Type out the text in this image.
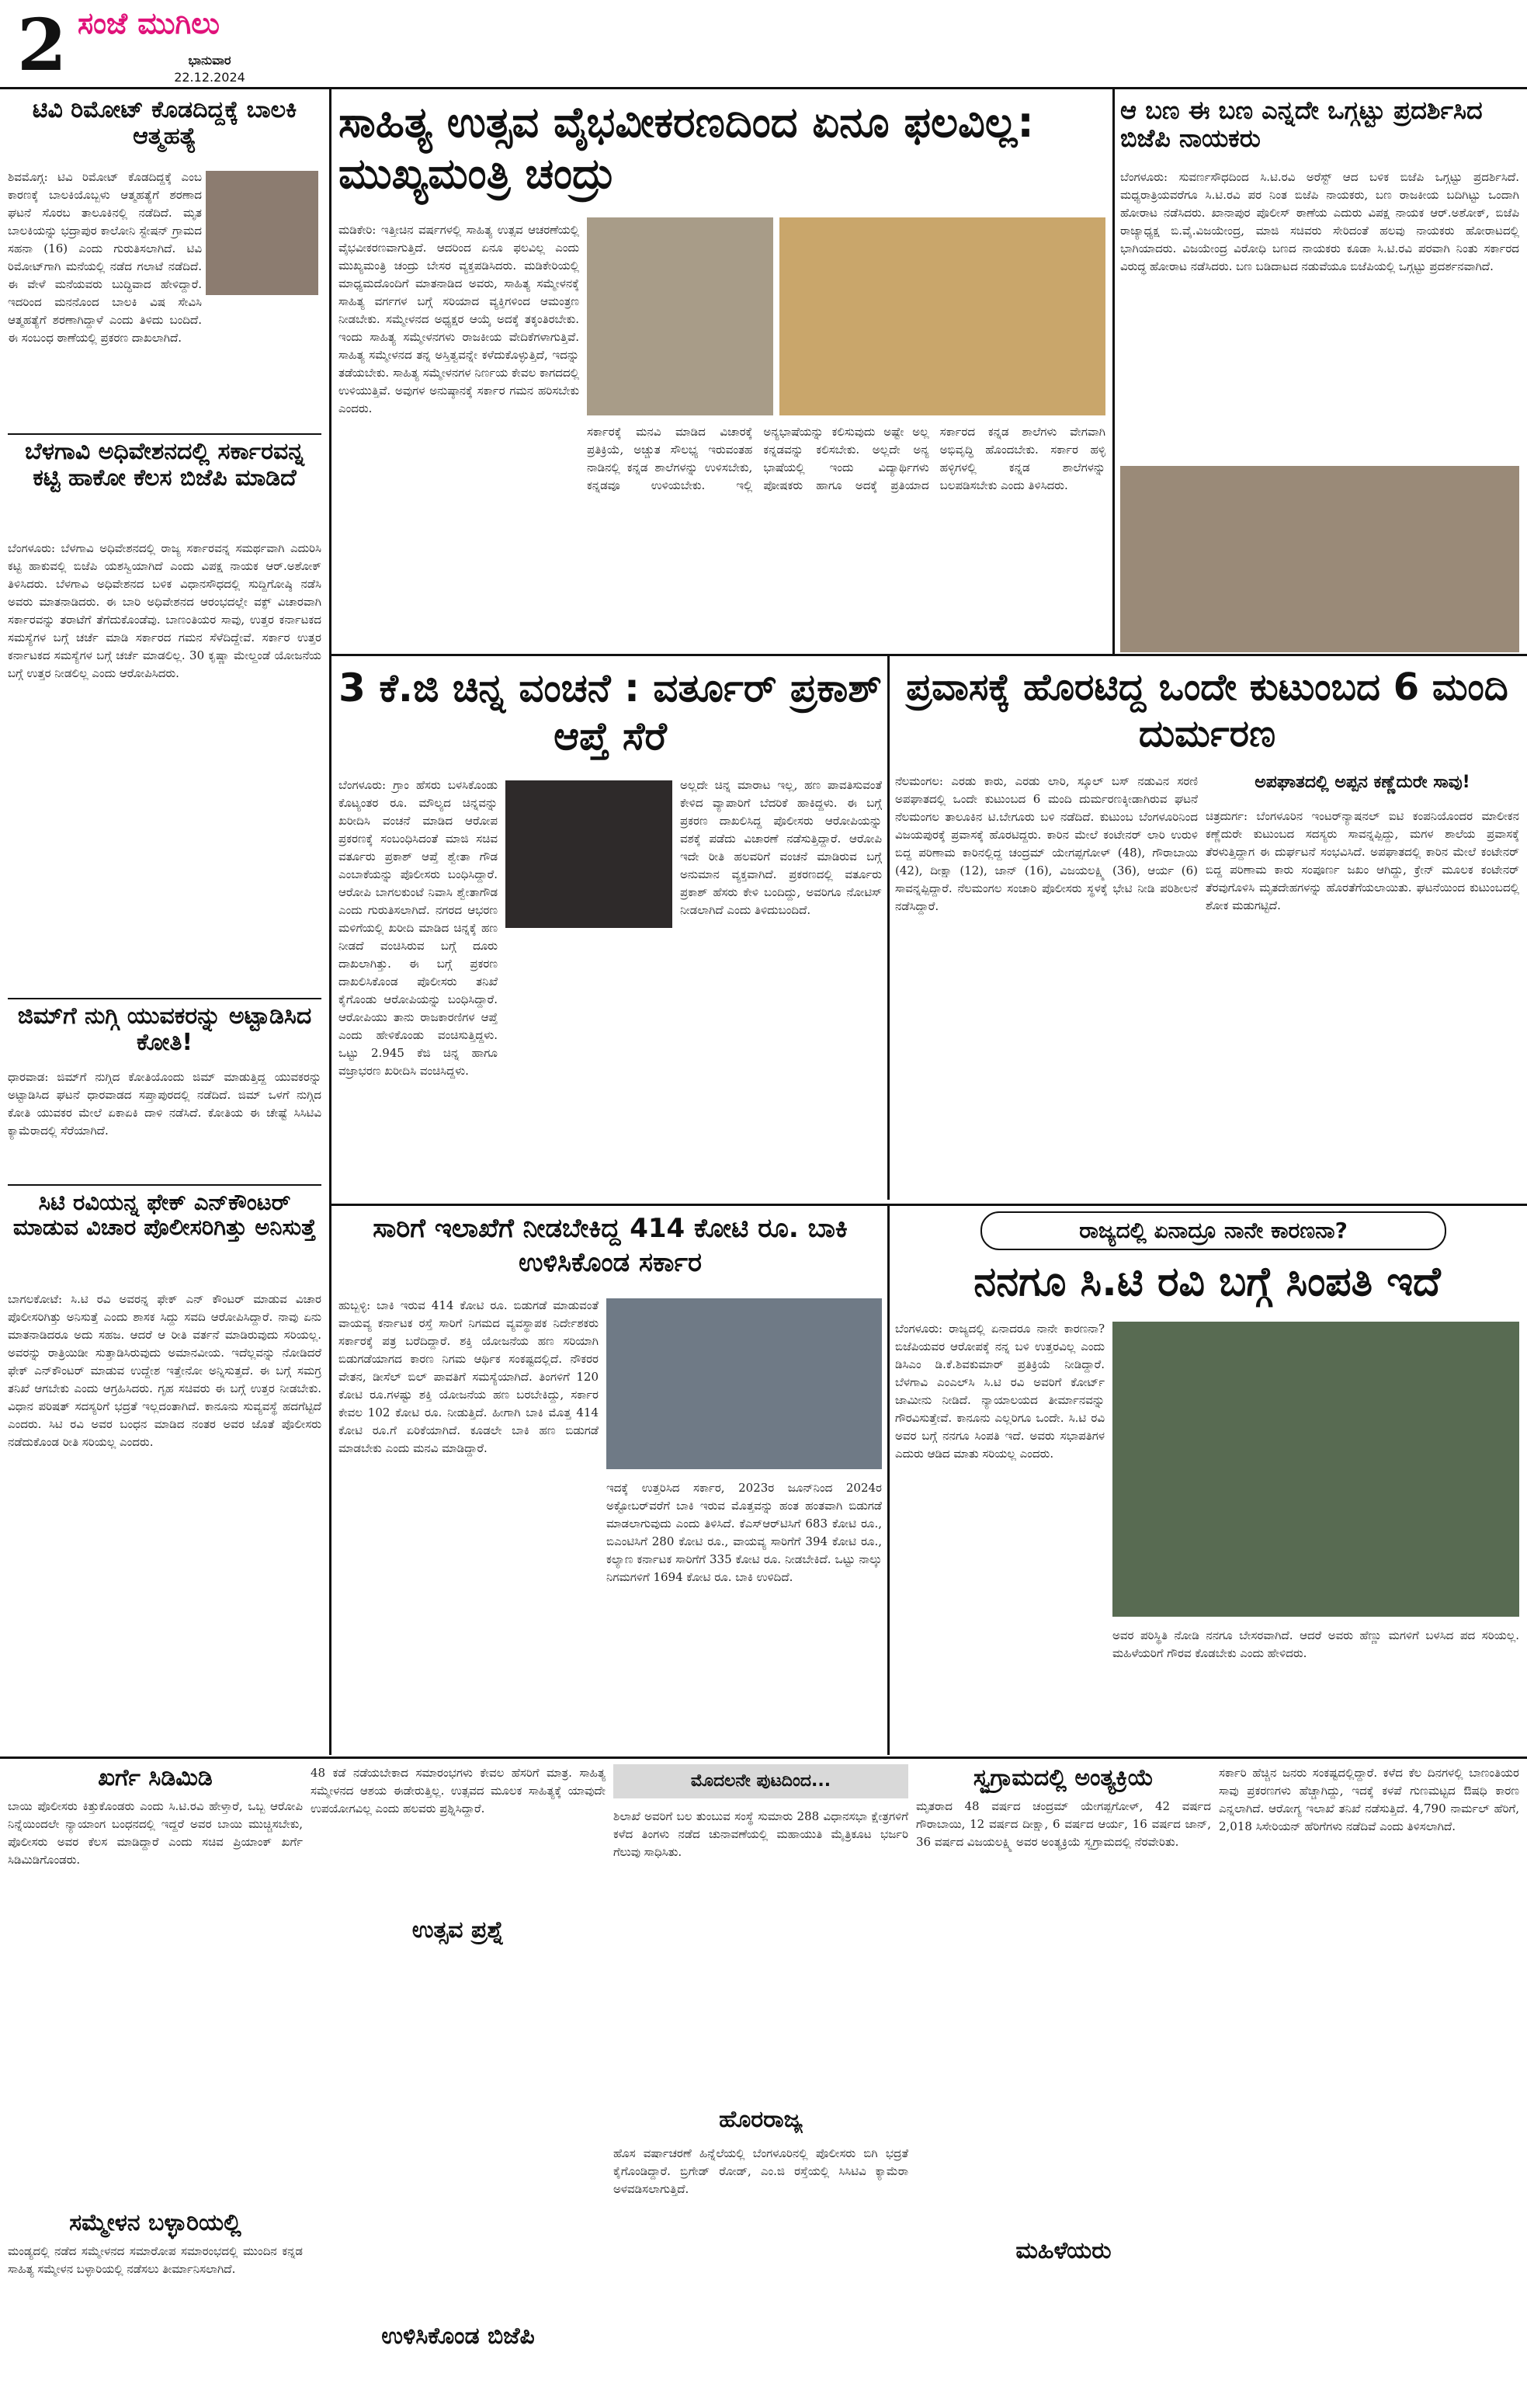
2 ಸಂಜೆ ಮುಗಿಲು
ಭಾನುವಾರ
22.12.2024
ಟಿವಿ ರಿಮೋಟ್ ಕೊಡದಿದ್ದಕ್ಕೆ ಬಾಲಕಿ ಆತ್ಮಹತ್ಯೆ
ಶಿವಮೊಗ್ಗ: ಟಿವಿ ರಿಮೋಟ್ ಕೊಡದಿದ್ದಕ್ಕೆ ಎಂಬ ಕಾರಣಕ್ಕೆ ಬಾಲಕಿಯೊಬ್ಬಳು ಆತ್ಮಹತ್ಯೆಗೆ ಶರಣಾದ ಘಟನೆ ಸೊರಬ ತಾಲೂಕಿನಲ್ಲಿ ನಡೆದಿದೆ. ಮೃತ ಬಾಲಕಿಯನ್ನು ಭದ್ರಾಪುರ ಕಾಲೋನಿ ಸ್ಟೇಷನ್ ಗ್ರಾಮದ ಸಹನಾ (16) ಎಂದು ಗುರುತಿಸಲಾಗಿದೆ. ಟಿವಿ ರಿಮೋಟ್‌ಗಾಗಿ ಮನೆಯಲ್ಲಿ ನಡೆದ ಗಲಾಟೆ ನಡೆದಿದೆ. ಈ ವೇಳೆ ಮನೆಯವರು ಬುದ್ಧಿವಾದ ಹೇಳಿದ್ದಾರೆ. ಇದರಿಂದ ಮನನೊಂದ ಬಾಲಕಿ ವಿಷ ಸೇವಿಸಿ ಆತ್ಮಹತ್ಯೆಗೆ ಶರಣಾಗಿದ್ದಾಳೆ ಎಂದು ತಿಳಿದು ಬಂದಿದೆ. ಈ ಸಂಬಂಧ ಠಾಣೆಯಲ್ಲಿ ಪ್ರಕರಣ ದಾಖಲಾಗಿದೆ.
ಬೆಳಗಾವಿ ಅಧಿವೇಶನದಲ್ಲಿ ಸರ್ಕಾರವನ್ನ ಕಟ್ಟಿ ಹಾಕೋ ಕೆಲಸ ಬಿಜೆಪಿ ಮಾಡಿದೆ
ಬೆಂಗಳೂರು: ಬೆಳಗಾವಿ ಅಧಿವೇಶನದಲ್ಲಿ ರಾಜ್ಯ ಸರ್ಕಾರವನ್ನ ಸಮರ್ಥವಾಗಿ ಎದುರಿಸಿ ಕಟ್ಟಿ ಹಾಕುವಲ್ಲಿ ಬಿಜೆಪಿ ಯಶಸ್ವಿಯಾಗಿದೆ ಎಂದು ವಿಪಕ್ಷ ನಾಯಕ ಆರ್.ಅಶೋಕ್ ತಿಳಿಸಿದರು. ಬೆಳಗಾವಿ ಅಧಿವೇಶನದ ಬಳಿಕ ವಿಧಾನಸೌಧದಲ್ಲಿ ಸುದ್ದಿಗೋಷ್ಠಿ ನಡೆಸಿ ಅವರು ಮಾತನಾಡಿದರು. ಈ ಬಾರಿ ಅಧಿವೇಶನದ ಆರಂಭದಲ್ಲೇ ವಕ್ಫ್ ವಿಚಾರವಾಗಿ ಸರ್ಕಾರವನ್ನು ತರಾಟೆಗೆ ತೆಗೆದುಕೊಂಡೆವು. ಬಾಣಂತಿಯರ ಸಾವು, ಉತ್ತರ ಕರ್ನಾಟಕದ ಸಮಸ್ಯೆಗಳ ಬಗ್ಗೆ ಚರ್ಚೆ ಮಾಡಿ ಸರ್ಕಾರದ ಗಮನ ಸೆಳೆದಿದ್ದೇವೆ. ಸರ್ಕಾರ ಉತ್ತರ ಕರ್ನಾಟಕದ ಸಮಸ್ಯೆಗಳ ಬಗ್ಗೆ ಚರ್ಚೆ ಮಾಡಲಿಲ್ಲ. 30 ಕೃಷ್ಣಾ ಮೇಲ್ದಂಡೆ ಯೋಜನೆಯ ಬಗ್ಗೆ ಉತ್ತರ ನೀಡಲಿಲ್ಲ ಎಂದು ಆರೋಪಿಸಿದರು.
ಜಿಮ್‌ಗೆ ನುಗ್ಗಿ ಯುವಕರನ್ನು ಅಟ್ಟಾಡಿಸಿದ ಕೋತಿ!
ಧಾರವಾಡ: ಜಿಮ್‌ಗೆ ನುಗ್ಗಿದ ಕೋತಿಯೊಂದು ಜಿಮ್ ಮಾಡುತ್ತಿದ್ದ ಯುವಕರನ್ನು ಅಟ್ಟಾಡಿಸಿದ ಘಟನೆ ಧಾರವಾಡದ ಸಪ್ತಾಪುರದಲ್ಲಿ ನಡೆದಿದೆ. ಜಿಮ್ ಒಳಗೆ ನುಗ್ಗಿದ ಕೋತಿ ಯುವಕರ ಮೇಲೆ ಏಕಾಏಕಿ ದಾಳಿ ನಡೆಸಿದೆ. ಕೋತಿಯ ಈ ಚೇಷ್ಟೆ ಸಿಸಿಟಿವಿ ಕ್ಯಾಮೆರಾದಲ್ಲಿ ಸೆರೆಯಾಗಿದೆ.
ಸಿಟಿ ರವಿಯನ್ನ ಫೇಕ್ ಎನ್‌ಕೌಂಟರ್ ಮಾಡುವ ವಿಚಾರ ಪೊಲೀಸರಿಗಿತ್ತು ಅನಿಸುತ್ತೆ
ಬಾಗಲಕೋಟೆ: ಸಿ.ಟಿ ರವಿ ಅವರನ್ನ ಫೇಕ್ ಎನ್ ಕೌಂಟರ್ ಮಾಡುವ ವಿಚಾರ ಪೊಲೀಸರಿಗಿತ್ತು ಅನಿಸುತ್ತೆ ಎಂದು ಶಾಸಕ ಸಿದ್ದು ಸವದಿ ಆರೋಪಿಸಿದ್ದಾರೆ. ನಾವು ಏನು ಮಾತನಾಡಿದರೂ ಅದು ಸಹಜ. ಆದರೆ ಆ ರೀತಿ ವರ್ತನೆ ಮಾಡಿರುವುದು ಸರಿಯಲ್ಲ. ಅವರನ್ನು ರಾತ್ರಿಯಿಡೀ ಸುತ್ತಾಡಿಸಿರುವುದು ಅಮಾನವೀಯ. ಇದೆಲ್ಲವನ್ನು ನೋಡಿದರೆ ಫೇಕ್ ಎನ್‌ಕೌಂಟರ್ ಮಾಡುವ ಉದ್ದೇಶ ಇತ್ತೇನೋ ಅನ್ನಿಸುತ್ತದೆ. ಈ ಬಗ್ಗೆ ಸಮಗ್ರ ತನಿಖೆ ಆಗಬೇಕು ಎಂದು ಆಗ್ರಹಿಸಿದರು. ಗೃಹ ಸಚಿವರು ಈ ಬಗ್ಗೆ ಉತ್ತರ ನೀಡಬೇಕು. ವಿಧಾನ ಪರಿಷತ್ ಸದಸ್ಯರಿಗೆ ಭದ್ರತೆ ಇಲ್ಲದಂತಾಗಿದೆ. ಕಾನೂನು ಸುವ್ಯವಸ್ಥೆ ಹದಗೆಟ್ಟಿದೆ ಎಂದರು. ಸಿಟಿ ರವಿ ಅವರ ಬಂಧನ ಮಾಡಿದ ನಂತರ ಅವರ ಜೊತೆ ಪೊಲೀಸರು ನಡೆದುಕೊಂಡ ರೀತಿ ಸರಿಯಲ್ಲ ಎಂದರು.
ಸಾಹಿತ್ಯ ಉತ್ಸವ ವೈಭವೀಕರಣದಿಂದ ಏನೂ ಫಲವಿಲ್ಲ: ಮುಖ್ಯಮಂತ್ರಿ ಚಂದ್ರು
ಮಡಿಕೇರಿ: ಇತ್ತೀಚಿನ ವರ್ಷಗಳಲ್ಲಿ ಸಾಹಿತ್ಯ ಉತ್ಸವ ಆಚರಣೆಯಲ್ಲಿ ವೈಭವೀಕರಣವಾಗುತ್ತಿದೆ. ಆದರಿಂದ ಏನೂ ಫಲವಿಲ್ಲ ಎಂದು ಮುಖ್ಯಮಂತ್ರಿ ಚಂದ್ರು ಬೇಸರ ವ್ಯಕ್ತಪಡಿಸಿದರು. ಮಡಿಕೇರಿಯಲ್ಲಿ ಮಾಧ್ಯಮದೊಂದಿಗೆ ಮಾತನಾಡಿದ ಅವರು, ಸಾಹಿತ್ಯ ಸಮ್ಮೇಳನಕ್ಕೆ ಸಾಹಿತ್ಯ ವರ್ಗಗಳ ಬಗ್ಗೆ ಸರಿಯಾದ ವ್ಯಕ್ತಿಗಳಿಂದ ಆಮಂತ್ರಣ ನೀಡಬೇಕು. ಸಮ್ಮೇಳನದ ಅಧ್ಯಕ್ಷರ ಆಯ್ಕೆ ಅದಕ್ಕೆ ತಕ್ಕಂತಿರಬೇಕು. ಇಂದು ಸಾಹಿತ್ಯ ಸಮ್ಮೇಳನಗಳು ರಾಜಕೀಯ ವೇದಿಕೆಗಳಾಗುತ್ತಿವೆ. ಸಾಹಿತ್ಯ ಸಮ್ಮೇಳನದ ತನ್ನ ಅಸ್ತಿತ್ವವನ್ನೇ ಕಳೆದುಕೊಳ್ಳುತ್ತಿದೆ, ಇದನ್ನು ತಡೆಯಬೇಕು. ಸಾಹಿತ್ಯ ಸಮ್ಮೇಳನಗಳ ನಿರ್ಣಯ ಕೇವಲ ಕಾಗದದಲ್ಲಿ ಉಳಿಯುತ್ತಿವೆ. ಅವುಗಳ ಅನುಷ್ಠಾನಕ್ಕೆ ಸರ್ಕಾರ ಗಮನ ಹರಿಸಬೇಕು ಎಂದರು.
ಸರ್ಕಾರಕ್ಕೆ ಮನವಿ ಮಾಡಿದ ವಿಚಾರಕ್ಕೆ ಪ್ರತಿಕ್ರಿಯೆ, ಅಚ್ಚುತ ಸೌಲಭ್ಯ ಇರುವಂತಹ ನಾಡಿನಲ್ಲಿ ಕನ್ನಡ ಶಾಲೆಗಳನ್ನು ಉಳಿಸಬೇಕು, ಕನ್ನಡವೂ ಉಳಿಯಬೇಕು. ಇಲ್ಲಿ ಅನ್ಯಭಾಷೆಯನ್ನು ಕಲಿಸುವುದು ಅಷ್ಟೇ ಅಲ್ಲ ಕನ್ನಡವನ್ನು ಕಲಿಸಬೇಕು. ಅಲ್ಲದೇ ಅನ್ಯ ಭಾಷೆಯಲ್ಲಿ ಇಂದು ವಿದ್ಯಾರ್ಥಿಗಳು ಪೋಷಕರು ಹಾಗೂ ಅದಕ್ಕೆ ಪ್ರತಿಯಾದ ಸರ್ಕಾರದ ಕನ್ನಡ ಶಾಲೆಗಳು ವೇಗವಾಗಿ ಅಭಿವೃದ್ಧಿ ಹೊಂದಬೇಕು. ಸರ್ಕಾರ ಹಳ್ಳಿ ಹಳ್ಳಿಗಳಲ್ಲಿ ಕನ್ನಡ ಶಾಲೆಗಳನ್ನು ಬಲಪಡಿಸಬೇಕು ಎಂದು ತಿಳಿಸಿದರು.
ಆ ಬಣ ಈ ಬಣ ಎನ್ನದೇ ಒಗ್ಗಟ್ಟು ಪ್ರದರ್ಶಿಸಿದ ಬಿಜೆಪಿ ನಾಯಕರು
ಬೆಂಗಳೂರು: ಸುವರ್ಣಸೌಧದಿಂದ ಸಿ.ಟಿ.ರವಿ ಅರೆಸ್ಟ್ ಆದ ಬಳಿಕ ಬಿಜೆಪಿ ಒಗ್ಗಟ್ಟು ಪ್ರದರ್ಶಿಸಿದೆ. ಮಧ್ಯರಾತ್ರಿಯವರೆಗೂ ಸಿ.ಟಿ.ರವಿ ಪರ ನಿಂತ ಬಿಜೆಪಿ ನಾಯಕರು, ಬಣ ರಾಜಕೀಯ ಬದಿಗಿಟ್ಟು ಒಂದಾಗಿ ಹೋರಾಟ ನಡೆಸಿದರು. ಖಾನಾಪುರ ಪೊಲೀಸ್ ಠಾಣೆಯ ಎದುರು ವಿಪಕ್ಷ ನಾಯಕ ಆರ್.ಅಶೋಕ್, ಬಿಜೆಪಿ ರಾಜ್ಯಾಧ್ಯಕ್ಷ ಬಿ.ವೈ.ವಿಜಯೇಂದ್ರ, ಮಾಜಿ ಸಚಿವರು ಸೇರಿದಂತೆ ಹಲವು ನಾಯಕರು ಹೋರಾಟದಲ್ಲಿ ಭಾಗಿಯಾದರು. ವಿಜಯೇಂದ್ರ ವಿರೋಧಿ ಬಣದ ನಾಯಕರು ಕೂಡಾ ಸಿ.ಟಿ.ರವಿ ಪರವಾಗಿ ನಿಂತು ಸರ್ಕಾರದ ವಿರುದ್ಧ ಹೋರಾಟ ನಡೆಸಿದರು. ಬಣ ಬಡಿದಾಟದ ನಡುವೆಯೂ ಬಿಜೆಪಿಯಲ್ಲಿ ಒಗ್ಗಟ್ಟು ಪ್ರದರ್ಶನವಾಗಿದೆ.
3 ಕೆ.ಜಿ ಚಿನ್ನ ವಂಚನೆ : ವರ್ತೂರ್ ಪ್ರಕಾಶ್ ಆಪ್ತೆ ಸೆರೆ
ಬೆಂಗಳೂರು: ಗ್ರಾಂ ಹೆಸರು ಬಳಸಿಕೊಂಡು ಕೊಟ್ಯಂತರ ರೂ. ಮೌಲ್ಯದ ಚಿನ್ನವನ್ನು ಖರೀದಿಸಿ ವಂಚನೆ ಮಾಡಿದ ಆರೋಪ ಪ್ರಕರಣಕ್ಕೆ ಸಂಬಂಧಿಸಿದಂತೆ ಮಾಜಿ ಸಚಿವ ವರ್ತೂರು ಪ್ರಕಾಶ್ ಆಪ್ತೆ ಶ್ವೇತಾ ಗೌಡ ಎಂಬಾಕೆಯನ್ನು ಪೊಲೀಸರು ಬಂಧಿಸಿದ್ದಾರೆ. ಆರೋಪಿ ಬಾಗಲಕುಂಟೆ ನಿವಾಸಿ ಶ್ವೇತಾಗೌಡ ಎಂದು ಗುರುತಿಸಲಾಗಿದೆ. ನಗರದ ಆಭರಣ ಮಳಿಗೆಯಲ್ಲಿ ಖರೀದಿ ಮಾಡಿದ ಚಿನ್ನಕ್ಕೆ ಹಣ ನೀಡದೆ ವಂಚಿಸಿರುವ ಬಗ್ಗೆ ದೂರು ದಾಖಲಾಗಿತ್ತು. ಈ ಬಗ್ಗೆ ಪ್ರಕರಣ ದಾಖಲಿಸಿಕೊಂಡ ಪೊಲೀಸರು ತನಿಖೆ ಕೈಗೊಂಡು ಆರೋಪಿಯನ್ನು ಬಂಧಿಸಿದ್ದಾರೆ. ಆರೋಪಿಯು ತಾನು ರಾಜಕಾರಣಿಗಳ ಆಪ್ತೆ ಎಂದು ಹೇಳಿಕೊಂಡು ವಂಚಿಸುತ್ತಿದ್ದಳು. ಒಟ್ಟು 2.945 ಕೆಜಿ ಚಿನ್ನ ಹಾಗೂ ವಜ್ರಾಭರಣ ಖರೀದಿಸಿ ವಂಚಿಸಿದ್ದಳು.
ಅಲ್ಲದೇ ಚಿನ್ನ ಮಾರಾಟ ಇಲ್ಲ, ಹಣ ಪಾವತಿಸುವಂತೆ ಕೇಳಿದ ವ್ಯಾಪಾರಿಗೆ ಬೆದರಿಕೆ ಹಾಕಿದ್ದಳು. ಈ ಬಗ್ಗೆ ಪ್ರಕರಣ ದಾಖಲಿಸಿದ್ದ ಪೊಲೀಸರು ಆರೋಪಿಯನ್ನು ವಶಕ್ಕೆ ಪಡೆದು ವಿಚಾರಣೆ ನಡೆಸುತ್ತಿದ್ದಾರೆ. ಆರೋಪಿ ಇದೇ ರೀತಿ ಹಲವರಿಗೆ ವಂಚನೆ ಮಾಡಿರುವ ಬಗ್ಗೆ ಅನುಮಾನ ವ್ಯಕ್ತವಾಗಿದೆ. ಪ್ರಕರಣದಲ್ಲಿ ವರ್ತೂರು ಪ್ರಕಾಶ್ ಹೆಸರು ಕೇಳಿ ಬಂದಿದ್ದು, ಅವರಿಗೂ ನೋಟಿಸ್ ನೀಡಲಾಗಿದೆ ಎಂದು ತಿಳಿದುಬಂದಿದೆ.
ಪ್ರವಾಸಕ್ಕೆ ಹೊರಟಿದ್ದ ಒಂದೇ ಕುಟುಂಬದ 6 ಮಂದಿ ದುರ್ಮರಣ
ನೆಲಮಂಗಲ: ಎರಡು ಕಾರು, ಎರಡು ಲಾರಿ, ಸ್ಕೂಲ್ ಬಸ್ ನಡುವಿನ ಸರಣಿ ಅಪಘಾತದಲ್ಲಿ ಒಂದೇ ಕುಟುಂಬದ 6 ಮಂದಿ ದುರ್ಮರಣಕ್ಕೀಡಾಗಿರುವ ಘಟನೆ ನೆಲಮಂಗಲ ತಾಲೂಕಿನ ಟಿ.ಬೇಗೂರು ಬಳಿ ನಡೆದಿದೆ. ಕುಟುಂಬ ಬೆಂಗಳೂರಿನಿಂದ ವಿಜಯಪುರಕ್ಕೆ ಪ್ರವಾಸಕ್ಕೆ ಹೊರಟಿದ್ದರು. ಕಾರಿನ ಮೇಲೆ ಕಂಟೇನರ್ ಲಾರಿ ಉರುಳಿ ಬಿದ್ದ ಪರಿಣಾಮ ಕಾರಿನಲ್ಲಿದ್ದ ಚಂದ್ರಮ್ ಯೇಗಪ್ಪಗೋಳ್ (48), ಗೌರಾಬಾಯಿ (42), ದೀಕ್ಷಾ (12), ಜಾನ್ (16), ವಿಜಯಲಕ್ಷ್ಮಿ (36), ಆರ್ಯ (6) ಸಾವನ್ನಪ್ಪಿದ್ದಾರೆ. ನೆಲಮಂಗಲ ಸಂಚಾರಿ ಪೊಲೀಸರು ಸ್ಥಳಕ್ಕೆ ಭೇಟಿ ನೀಡಿ ಪರಿಶೀಲನೆ ನಡೆಸಿದ್ದಾರೆ.
ಅಪಘಾತದಲ್ಲಿ ಅಪ್ಪನ ಕಣ್ಣೆದುರೇ ಸಾವು!
ಚಿತ್ರದುರ್ಗ: ಬೆಂಗಳೂರಿನ ಇಂಟರ್‌ನ್ಯಾಷನಲ್ ಐಟಿ ಕಂಪನಿಯೊಂದರ ಮಾಲೀಕನ ಕಣ್ಣೆದುರೇ ಕುಟುಂಬದ ಸದಸ್ಯರು ಸಾವನ್ನಪ್ಪಿದ್ದು, ಮಗಳ ಶಾಲೆಯ ಪ್ರವಾಸಕ್ಕೆ ತೆರಳುತ್ತಿದ್ದಾಗ ಈ ದುರ್ಘಟನೆ ಸಂಭವಿಸಿದೆ. ಅಪಘಾತದಲ್ಲಿ ಕಾರಿನ ಮೇಲೆ ಕಂಟೇನರ್ ಬಿದ್ದ ಪರಿಣಾಮ ಕಾರು ಸಂಪೂರ್ಣ ಜಖಂ ಆಗಿದ್ದು, ಕ್ರೇನ್ ಮೂಲಕ ಕಂಟೇನರ್ ತೆರವುಗೊಳಿಸಿ ಮೃತದೇಹಗಳನ್ನು ಹೊರತೆಗೆಯಲಾಯಿತು. ಘಟನೆಯಿಂದ ಕುಟುಂಬದಲ್ಲಿ ಶೋಕ ಮಡುಗಟ್ಟಿದೆ.
ಸಾರಿಗೆ ಇಲಾಖೆಗೆ ನೀಡಬೇಕಿದ್ದ 414 ಕೋಟಿ ರೂ. ಬಾಕಿ ಉಳಿಸಿಕೊಂಡ ಸರ್ಕಾರ
ಹುಬ್ಬಳ್ಳಿ: ಬಾಕಿ ಇರುವ 414 ಕೋಟಿ ರೂ. ಬಿಡುಗಡೆ ಮಾಡುವಂತೆ ವಾಯವ್ಯ ಕರ್ನಾಟಕ ರಸ್ತೆ ಸಾರಿಗೆ ನಿಗಮದ ವ್ಯವಸ್ಥಾಪಕ ನಿರ್ದೇಶಕರು ಸರ್ಕಾರಕ್ಕೆ ಪತ್ರ ಬರೆದಿದ್ದಾರೆ. ಶಕ್ತಿ ಯೋಜನೆಯ ಹಣ ಸರಿಯಾಗಿ ಬಿಡುಗಡೆಯಾಗದ ಕಾರಣ ನಿಗಮ ಆರ್ಥಿಕ ಸಂಕಷ್ಟದಲ್ಲಿದೆ. ನೌಕರರ ವೇತನ, ಡೀಸೆಲ್ ಬಿಲ್ ಪಾವತಿಗೆ ಸಮಸ್ಯೆಯಾಗಿದೆ. ತಿಂಗಳಿಗೆ 120 ಕೋಟಿ ರೂ.ಗಳಷ್ಟು ಶಕ್ತಿ ಯೋಜನೆಯ ಹಣ ಬರಬೇಕಿದ್ದು, ಸರ್ಕಾರ ಕೇವಲ 102 ಕೋಟಿ ರೂ. ನೀಡುತ್ತಿದೆ. ಹೀಗಾಗಿ ಬಾಕಿ ಮೊತ್ತ 414 ಕೋಟಿ ರೂ.ಗೆ ಏರಿಕೆಯಾಗಿದೆ. ಕೂಡಲೇ ಬಾಕಿ ಹಣ ಬಿಡುಗಡೆ ಮಾಡಬೇಕು ಎಂದು ಮನವಿ ಮಾಡಿದ್ದಾರೆ.
ಇದಕ್ಕೆ ಉತ್ತರಿಸಿದ ಸರ್ಕಾರ, 2023ರ ಜೂನ್‌ನಿಂದ 2024ರ ಅಕ್ಟೋಬರ್‌ವರೆಗೆ ಬಾಕಿ ಇರುವ ಮೊತ್ತವನ್ನು ಹಂತ ಹಂತವಾಗಿ ಬಿಡುಗಡೆ ಮಾಡಲಾಗುವುದು ಎಂದು ತಿಳಿಸಿದೆ. ಕೆಎಸ್ಆರ್‌ಟಿಸಿಗೆ 683 ಕೋಟಿ ರೂ., ಬಿಎಂಟಿಸಿಗೆ 280 ಕೋಟಿ ರೂ., ವಾಯವ್ಯ ಸಾರಿಗೆಗೆ 394 ಕೋಟಿ ರೂ., ಕಲ್ಯಾಣ ಕರ್ನಾಟಕ ಸಾರಿಗೆಗೆ 335 ಕೋಟಿ ರೂ. ನೀಡಬೇಕಿದೆ. ಒಟ್ಟು ನಾಲ್ಕು ನಿಗಮಗಳಿಗೆ 1694 ಕೋಟಿ ರೂ. ಬಾಕಿ ಉಳಿದಿದೆ.
ರಾಜ್ಯದಲ್ಲಿ ಏನಾದ್ರೂ ನಾನೇ ಕಾರಣನಾ?
ನನಗೂ ಸಿ.ಟಿ ರವಿ ಬಗ್ಗೆ ಸಿಂಪತಿ ಇದೆ
ಬೆಂಗಳೂರು: ರಾಜ್ಯದಲ್ಲಿ ಏನಾದರೂ ನಾನೇ ಕಾರಣನಾ? ಬಿಜೆಪಿಯವರ ಆರೋಪಕ್ಕೆ ನನ್ನ ಬಳಿ ಉತ್ತರವಿಲ್ಲ ಎಂದು ಡಿಸಿಎಂ ಡಿ.ಕೆ.ಶಿವಕುಮಾರ್ ಪ್ರತಿಕ್ರಿಯೆ ನೀಡಿದ್ದಾರೆ. ಬೆಳಗಾವಿ ಎಂಎಲ್‌ಸಿ ಸಿ.ಟಿ ರವಿ ಅವರಿಗೆ ಕೋರ್ಟ್ ಜಾಮೀನು ನೀಡಿದೆ. ನ್ಯಾಯಾಲಯದ ತೀರ್ಮಾನವನ್ನು ಗೌರವಿಸುತ್ತೇವೆ. ಕಾನೂನು ಎಲ್ಲರಿಗೂ ಒಂದೇ. ಸಿ.ಟಿ ರವಿ ಅವರ ಬಗ್ಗೆ ನನಗೂ ಸಿಂಪತಿ ಇದೆ. ಅವರು ಸಭಾಪತಿಗಳ ಎದುರು ಆಡಿದ ಮಾತು ಸರಿಯಲ್ಲ ಎಂದರು.
ಅವರ ಪರಿಸ್ಥಿತಿ ನೋಡಿ ನನಗೂ ಬೇಸರವಾಗಿದೆ. ಆದರೆ ಅವರು ಹೆಣ್ಣು ಮಗಳಿಗೆ ಬಳಸಿದ ಪದ ಸರಿಯಲ್ಲ. ಮಹಿಳೆಯರಿಗೆ ಗೌರವ ಕೊಡಬೇಕು ಎಂದು ಹೇಳಿದರು.
ಖರ್ಗೆ ಸಿಡಿಮಿಡಿ
ಬಾಯಿ ಪೊಲೀಸರು ಕಿತ್ತುಕೊಂಡರು ಎಂದು ಸಿ.ಟಿ.ರವಿ ಹೇಳ್ತಾರೆ, ಒಬ್ಬ ಆರೋಪಿ ನಿನ್ನೆಯಿಂದಲೇ ನ್ಯಾಯಾಂಗ ಬಂಧನದಲ್ಲಿ ಇದ್ದರೆ ಅವರ ಬಾಯಿ ಮುಚ್ಚಿಸಬೇಕು, ಪೊಲೀಸರು ಅವರ ಕೆಲಸ ಮಾಡಿದ್ದಾರೆ ಎಂದು ಸಚಿವ ಪ್ರಿಯಾಂಕ್ ಖರ್ಗೆ ಸಿಡಿಮಿಡಿಗೊಂಡರು.
ಸಮ್ಮೇಳನ ಬಳ್ಳಾರಿಯಲ್ಲಿ
ಮಂಡ್ಯದಲ್ಲಿ ನಡೆದ ಸಮ್ಮೇಳನದ ಸಮಾರೋಪ ಸಮಾರಂಭದಲ್ಲಿ ಮುಂದಿನ ಕನ್ನಡ ಸಾಹಿತ್ಯ ಸಮ್ಮೇಳನ ಬಳ್ಳಾರಿಯಲ್ಲಿ ನಡೆಸಲು ತೀರ್ಮಾನಿಸಲಾಗಿದೆ.
48 ಕಡೆ ನಡೆಯಬೇಕಾದ ಸಮಾರಂಭಗಳು ಕೇವಲ ಹೆಸರಿಗೆ ಮಾತ್ರ. ಸಾಹಿತ್ಯ ಸಮ್ಮೇಳನದ ಆಶಯ ಈಡೇರುತ್ತಿಲ್ಲ. ಉತ್ಸವದ ಮೂಲಕ ಸಾಹಿತ್ಯಕ್ಕೆ ಯಾವುದೇ ಉಪಯೋಗವಿಲ್ಲ ಎಂದು ಹಲವರು ಪ್ರಶ್ನಿಸಿದ್ದಾರೆ.
ಉತ್ಸವ ಪ್ರಶ್ನೆ
ಉಳಿಸಿಕೊಂಡ ಬಿಜೆಪಿ
ಮೊದಲನೇ ಪುಟದಿಂದ...
ಶಿಲಾಖೆ ಅವರಿಗೆ ಬಲ ತುಂಬುವ ಸಂಸ್ಥೆ ಸುಮಾರು 288 ವಿಧಾನಸಭಾ ಕ್ಷೇತ್ರಗಳಿಗೆ ಕಳೆದ ತಿಂಗಳು ನಡೆದ ಚುನಾವಣೆಯಲ್ಲಿ ಮಹಾಯುತಿ ಮೈತ್ರಿಕೂಟ ಭರ್ಜರಿ ಗೆಲುವು ಸಾಧಿಸಿತು.
ಹೊರರಾಜ್ಯ
ಹೊಸ ವರ್ಷಾಚರಣೆ ಹಿನ್ನೆಲೆಯಲ್ಲಿ ಬೆಂಗಳೂರಿನಲ್ಲಿ ಪೊಲೀಸರು ಬಿಗಿ ಭದ್ರತೆ ಕೈಗೊಂಡಿದ್ದಾರೆ. ಬ್ರಿಗೇಡ್ ರೋಡ್, ಎಂ.ಜಿ ರಸ್ತೆಯಲ್ಲಿ ಸಿಸಿಟಿವಿ ಕ್ಯಾಮೆರಾ ಅಳವಡಿಸಲಾಗುತ್ತಿದೆ.
ಸ್ವಗ್ರಾಮದಲ್ಲಿ ಅಂತ್ಯಕ್ರಿಯೆ
ಮೃತರಾದ 48 ವರ್ಷದ ಚಂದ್ರಮ್ ಯೇಗಪ್ಪಗೋಳ್, 42 ವರ್ಷದ ಗೌರಾಬಾಯಿ, 12 ವರ್ಷದ ದೀಕ್ಷಾ, 6 ವರ್ಷದ ಆರ್ಯ, 16 ವರ್ಷದ ಜಾನ್, 36 ವರ್ಷದ ವಿಜಯಲಕ್ಷ್ಮಿ ಅವರ ಅಂತ್ಯಕ್ರಿಯೆ ಸ್ವಗ್ರಾಮದಲ್ಲಿ ನೆರವೇರಿತು.
ಮಹಿಳೆಯರು
ಸರ್ಕಾರಿ ಹೆಚ್ಚಿನ ಜನರು ಸಂಕಷ್ಟದಲ್ಲಿದ್ದಾರೆ. ಕಳೆದ ಕೆಲ ದಿನಗಳಲ್ಲಿ ಬಾಣಂತಿಯರ ಸಾವು ಪ್ರಕರಣಗಳು ಹೆಚ್ಚಾಗಿದ್ದು, ಇದಕ್ಕೆ ಕಳಪೆ ಗುಣಮಟ್ಟದ ಔಷಧಿ ಕಾರಣ ಎನ್ನಲಾಗಿದೆ. ಆರೋಗ್ಯ ಇಲಾಖೆ ತನಿಖೆ ನಡೆಸುತ್ತಿದೆ. 4,790 ನಾರ್ಮಲ್ ಹೆರಿಗೆ, 2,018 ಸಿಸೇರಿಯನ್ ಹೆರಿಗೆಗಳು ನಡೆದಿವೆ ಎಂದು ತಿಳಿಸಲಾಗಿದೆ.
